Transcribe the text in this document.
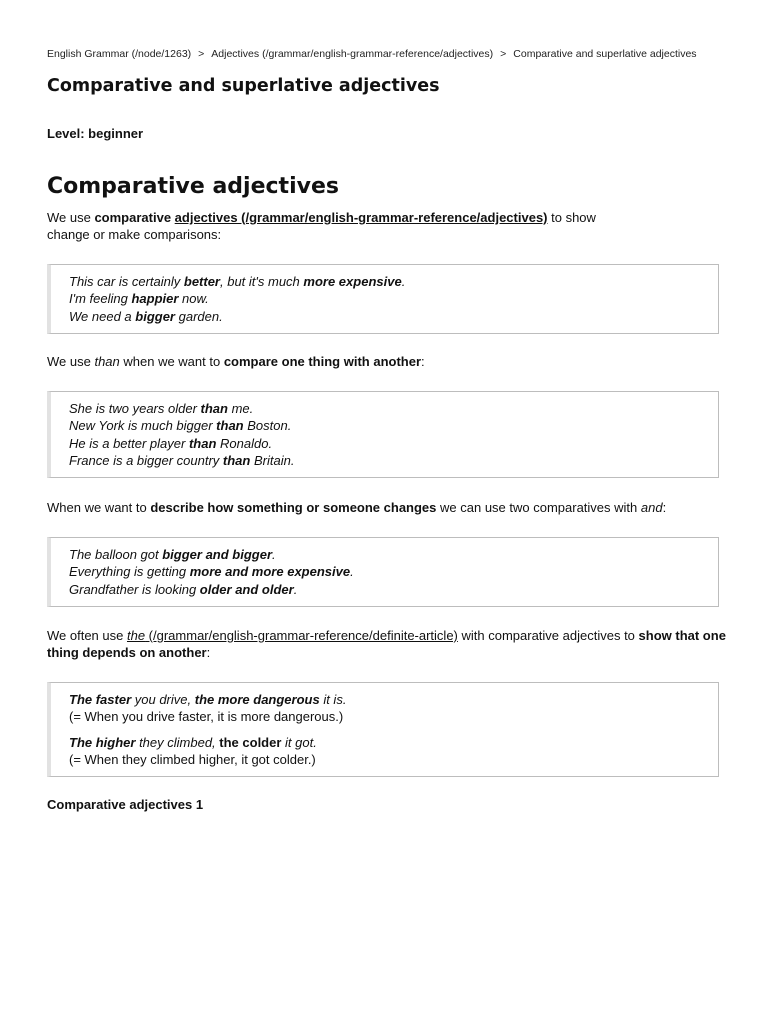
English Grammar (/node/1263) > Adjectives (/grammar/english-grammar-reference/adjectives) > Comparative and superlative adjectives
Comparative and superlative adjectives

Level: beginner

Comparative adjectives

We use comparative adjectives (/grammar/english-grammar-reference/adjectives) to show
change or make comparisons:

This car is certainly better, but it's much more expensive.
I'm feeling happier now.
We need a bigger garden.

We use than when we want to compare one thing with another:

She is two years older than me.
New York is much bigger than Boston.
He is a better player than Ronaldo.
France is a bigger country than Britain.

When we want to describe how something or someone changes we can use two comparatives with and:

The balloon got bigger and bigger.
Everything is getting more and more expensive.
Grandfather is looking older and older.

We often use the (/grammar/english-grammar-reference/definite-article) with comparative adjectives to show that one
thing depends on another:

The faster you drive, the more dangerous it is.
(= When you drive faster, it is more dangerous.)
The higher they climbed, the colder it got.
(= When they climbed higher, it got colder.)

Comparative adjectives 1
